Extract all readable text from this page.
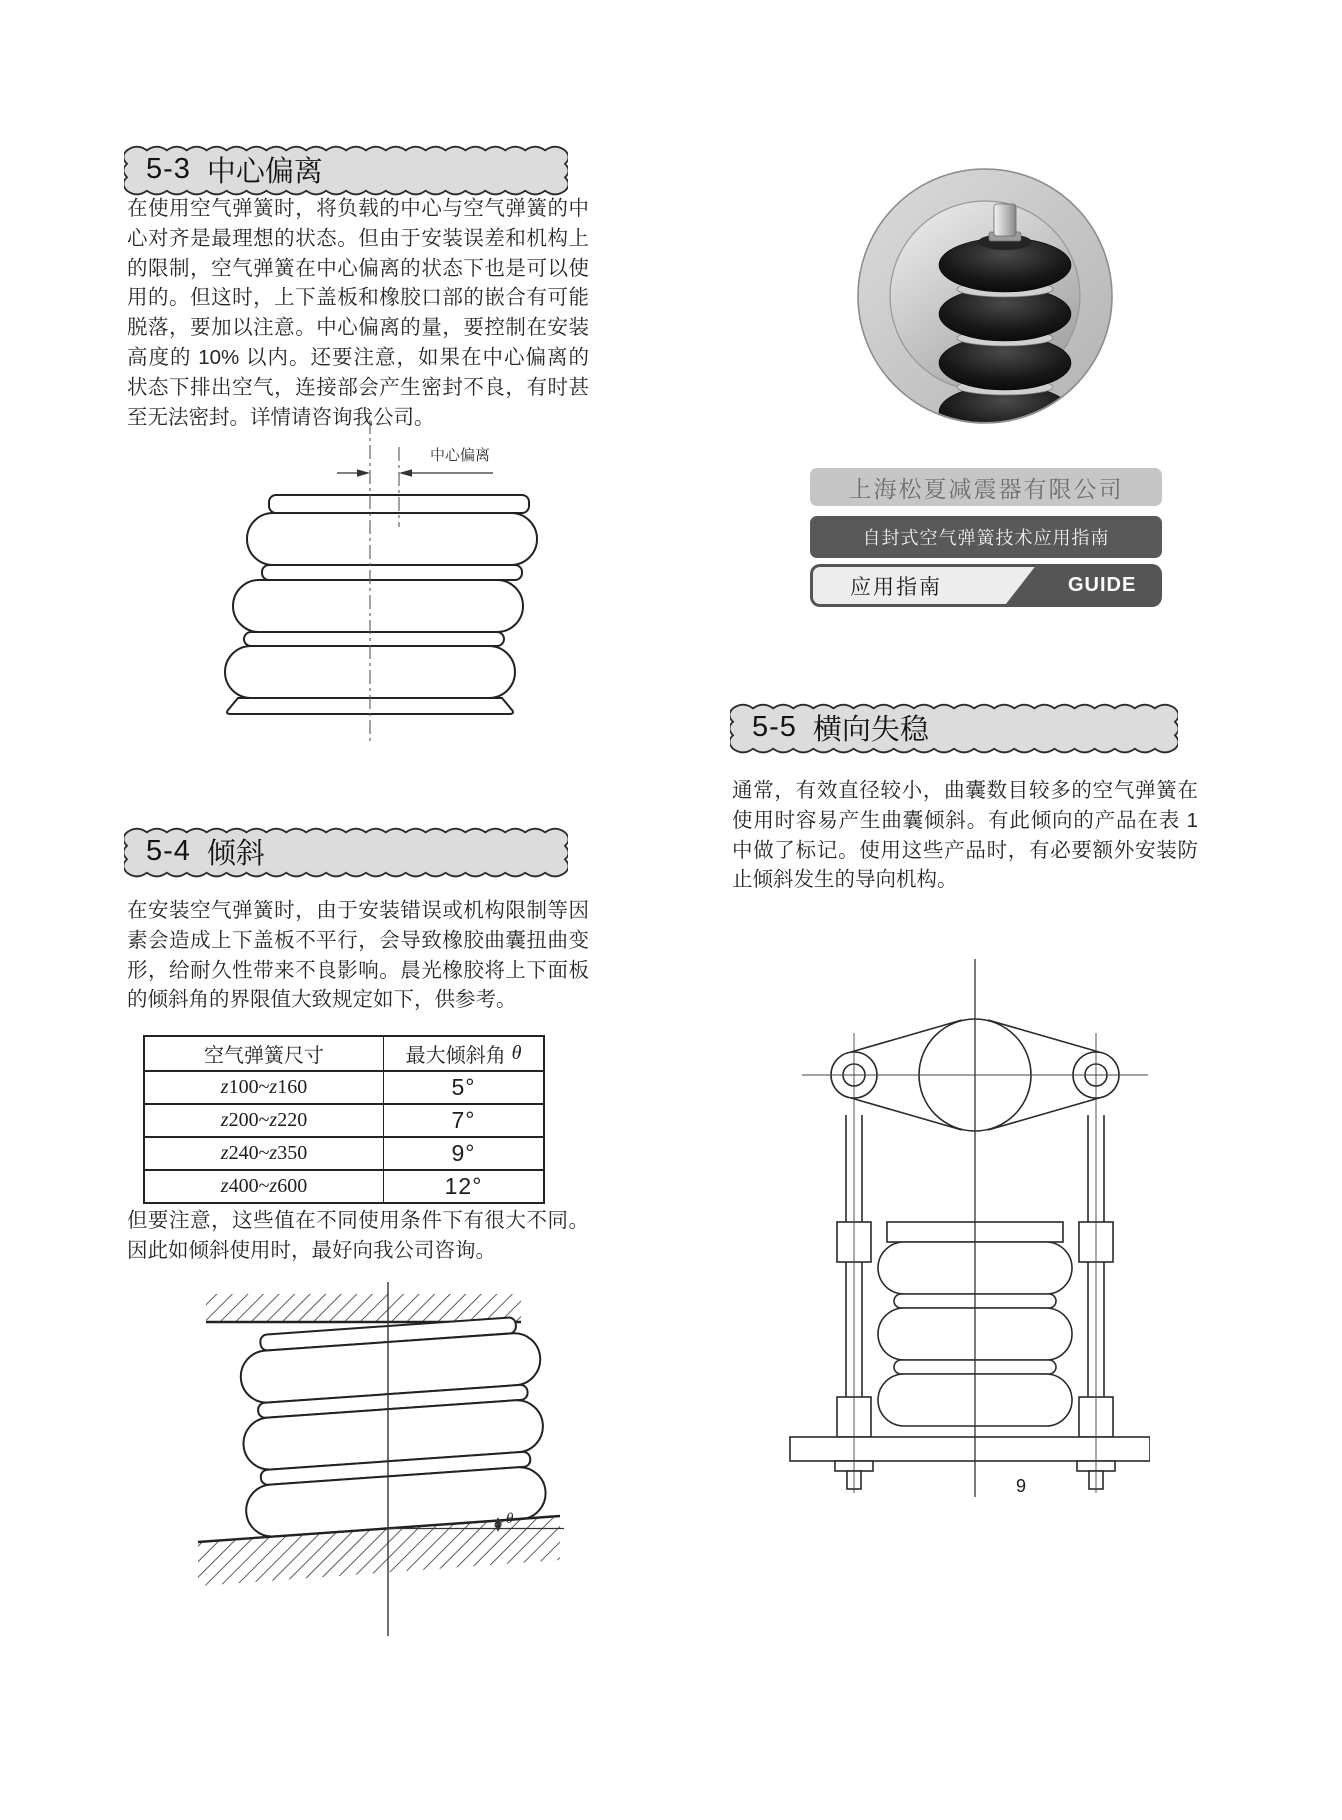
5-3 中心偏离
在使用空气弹簧时，将负载的中心与空气弹簧的中心对齐是最理想的状态。但由于安装误差和机构上的限制，空气弹簧在中心偏离的状态下也是可以使用的。但这时，上下盖板和橡胶口部的嵌合有可能脱落，要加以注意。中心偏离的量，要控制在安装高度的 10% 以内。还要注意，如果在中心偏离的状态下排出空气，连接部会产生密封不良，有时甚至无法密封。详情请咨询我公司。
中心偏离
上海松夏减震器有限公司
自封式空气弹簧技术应用指南
应用指南	GUIDE
5-4 倾斜
在安装空气弹簧时，由于安装错误或机构限制等因素会造成上下盖板不平行，会导致橡胶曲囊扭曲变形，给耐久性带来不良影响。晨光橡胶将上下面板的倾斜角的界限值大致规定如下，供参考。
空气弹簧尺寸	最大倾斜角 θ
z 100~ z 160	5°
z 200~ z 220	7°
z 240~ z 350	9°
z 400~ z 600	12°
但要注意，这些值在不同使用条件下有很大不同。因此如倾斜使用时，最好向我公司咨询。
θ
5-5 横向失稳
通常，有效直径较小，曲囊数目较多的空气弹簧在使用时容易产生曲囊倾斜。有此倾向的产品在表 1 中做了标记。使用这些产品时，有必要额外安装防止倾斜发生的导向机构。
9
